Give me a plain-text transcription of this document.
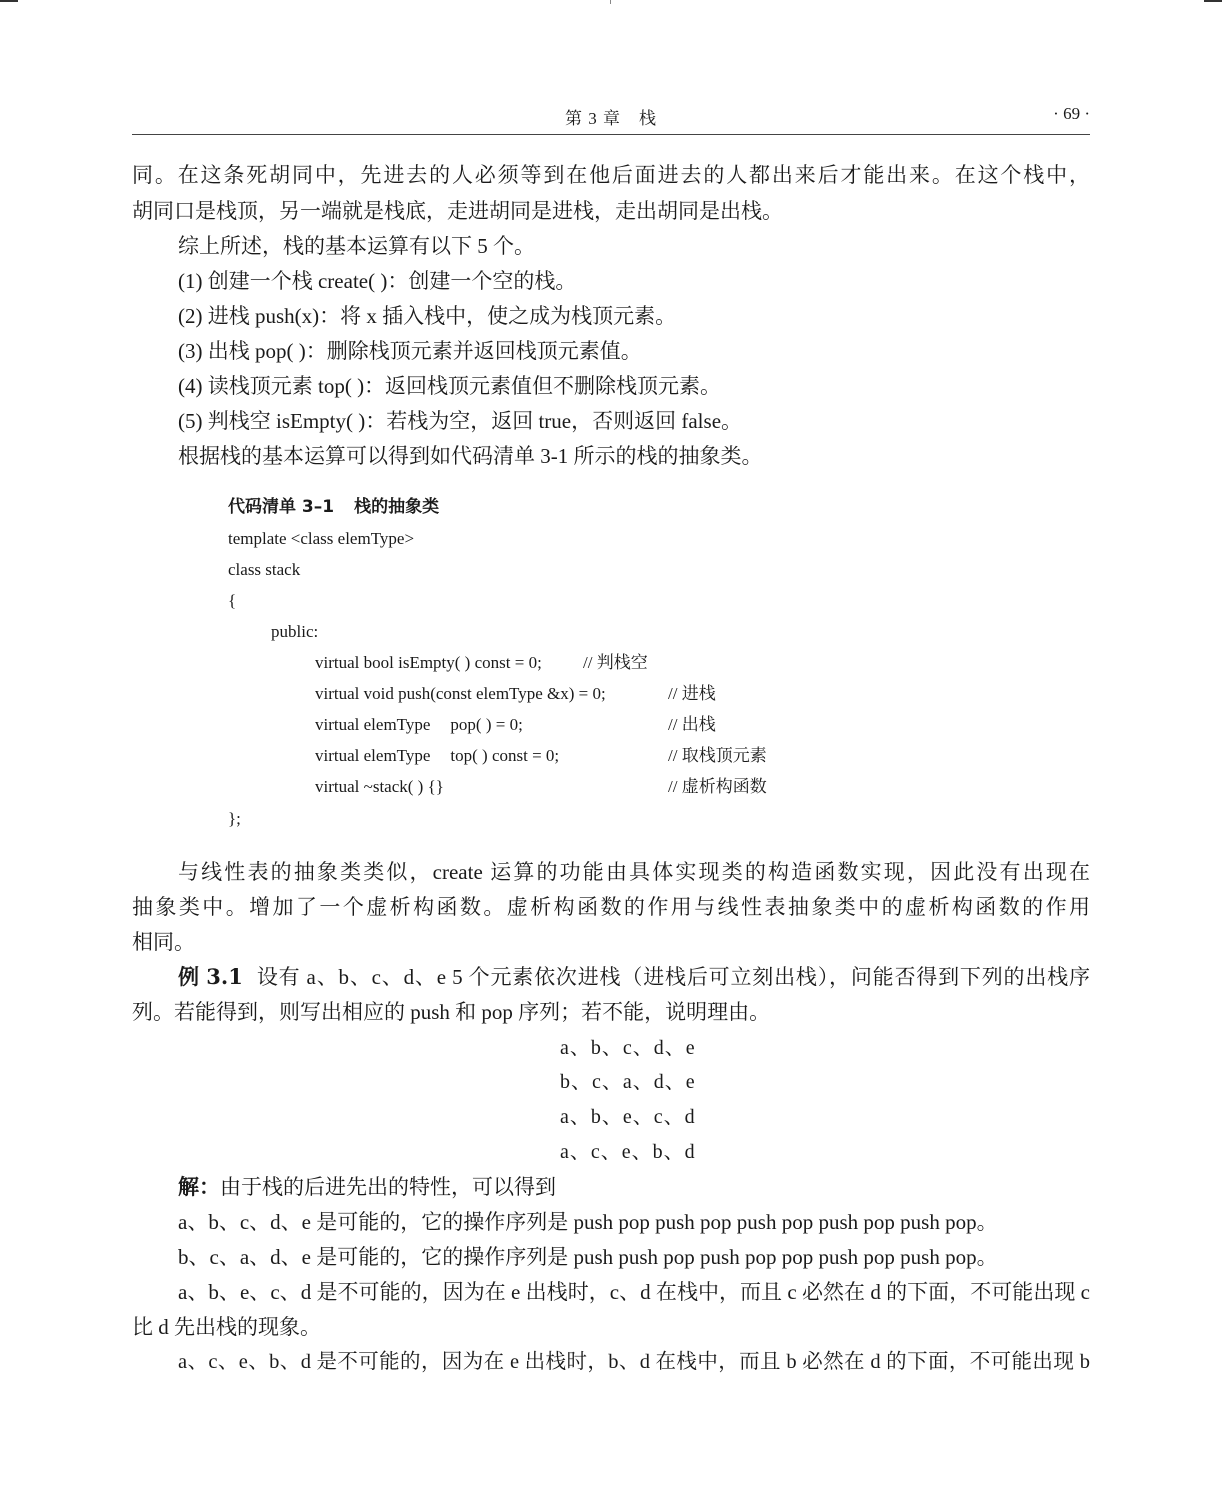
第 3 章 栈	· 69 ·
同。在这条死胡同中，先进去的人必须等到在他后面进去的人都出来后才能出来。在这个栈中，
胡同口是栈顶，另一端就是栈底，走进胡同是进栈，走出胡同是出栈。
综上所述，栈的基本运算有以下 5 个。
(1) 创建一个栈 create( )：创建一个空的栈。
(2) 进栈 push(x)：将 x 插入栈中，使之成为栈顶元素。
(3) 出栈 pop( )：删除栈顶元素并返回栈顶元素值。
(4) 读栈顶元素 top( )：返回栈顶元素值但不删除栈顶元素。
(5) 判栈空 isEmpty( )：若栈为空，返回 true，否则返回 false。
根据栈的基本运算可以得到如代码清单 3-1 所示的栈的抽象类。
代码清单 3–1 栈的抽象类
template <class elemType>
class stack
{
public:
virtual bool isEmpty( ) const = 0; // 判栈空
virtual void push(const elemType &x) = 0;	// 进栈
virtual elemType pop( ) = 0;	// 出栈
virtual elemType top( ) const = 0;	// 取栈顶元素
virtual ~stack( ) {}	// 虚析构函数
};
与线性表的抽象类类似，create 运算的功能由具体实现类的构造函数实现，因此没有出现在
抽象类中。增加了一个虚析构函数。虚析构函数的作用与线性表抽象类中的虚析构函数的作用
相同。
例 3.1 设有 a、b、c、d、e 5 个元素依次进栈（进栈后可立刻出栈），问能否得到下列的出栈序
列。若能得到，则写出相应的 push 和 pop 序列；若不能，说明理由。
a、b、c、d、e
b、c、a、d、e
a、b、e、c、d
a、c、e、b、d
解：由于栈的后进先出的特性，可以得到
a、b、c、d、e 是可能的，它的操作序列是 push pop push pop push pop push pop push pop。
b、c、a、d、e 是可能的，它的操作序列是 push push pop push pop pop push pop push pop。
a、b、e、c、d 是不可能的，因为在 e 出栈时，c、d 在栈中，而且 c 必然在 d 的下面，不可能出现 c
比 d 先出栈的现象。
a、c、e、b、d 是不可能的，因为在 e 出栈时，b、d 在栈中，而且 b 必然在 d 的下面，不可能出现 b
